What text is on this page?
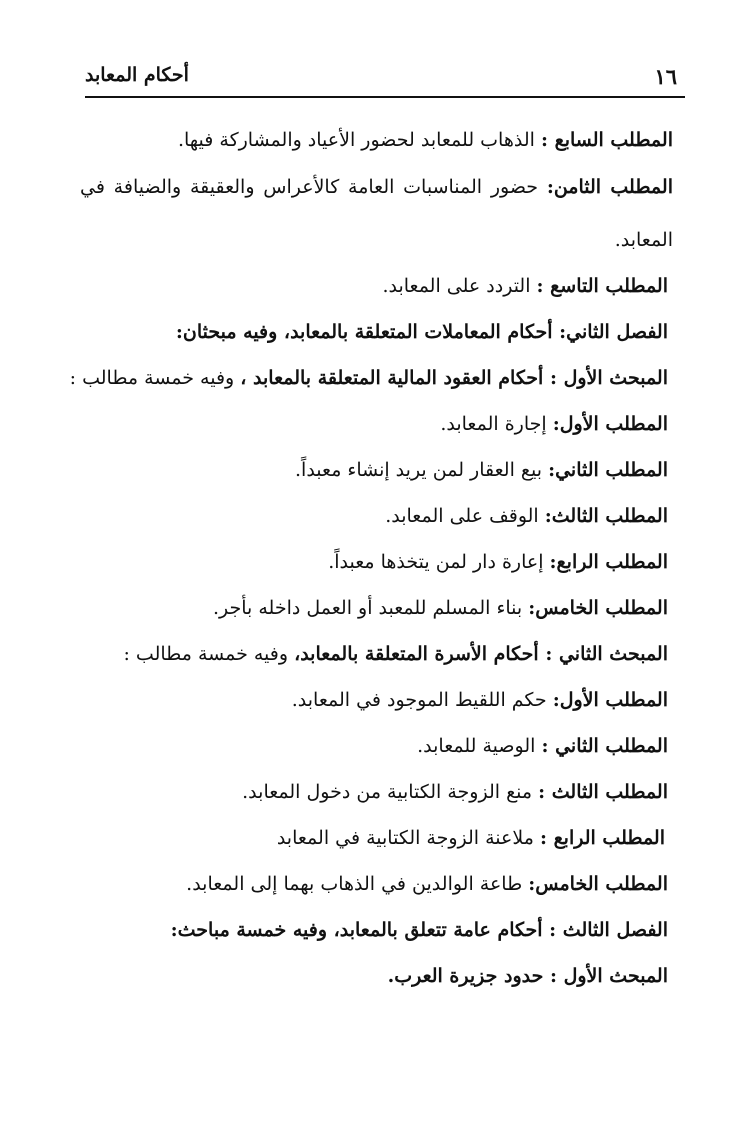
١٦
أحكام المعابد
المطلب السابع : الذهاب للمعابد لحضور الأعياد والمشاركة فيها.
المطلب الثامن: حضور المناسبات العامة كالأعراس والعقيقة والضيافة في
المعابد.
المطلب التاسع : التردد على المعابد.
الفصل الثاني: أحكام المعاملات المتعلقة بالمعابد، وفيه مبحثان:
المبحث الأول : أحكام العقود المالية المتعلقة بالمعابد ، وفيه خمسة مطالب :
المطلب الأول: إجارة المعابد.
المطلب الثاني: بيع العقار لمن يريد إنشاء معبداً.
المطلب الثالث: الوقف على المعابد.
المطلب الرابع: إعارة دار لمن يتخذها معبداً.
المطلب الخامس: بناء المسلم للمعبد أو العمل داخله بأجر.
المبحث الثاني : أحكام الأسرة المتعلقة بالمعابد، وفيه خمسة مطالب :
المطلب الأول: حكم اللقيط الموجود في المعابد.
المطلب الثاني : الوصية للمعابد.
المطلب الثالث : منع الزوجة الكتابية من دخول المعابد.
المطلب الرابع : ملاعنة الزوجة الكتابية في المعابد
المطلب الخامس: طاعة الوالدين في الذهاب بهما إلى المعابد.
الفصل الثالث : أحكام عامة تتعلق بالمعابد، وفيه خمسة مباحث:
المبحث الأول : حدود جزيرة العرب.
